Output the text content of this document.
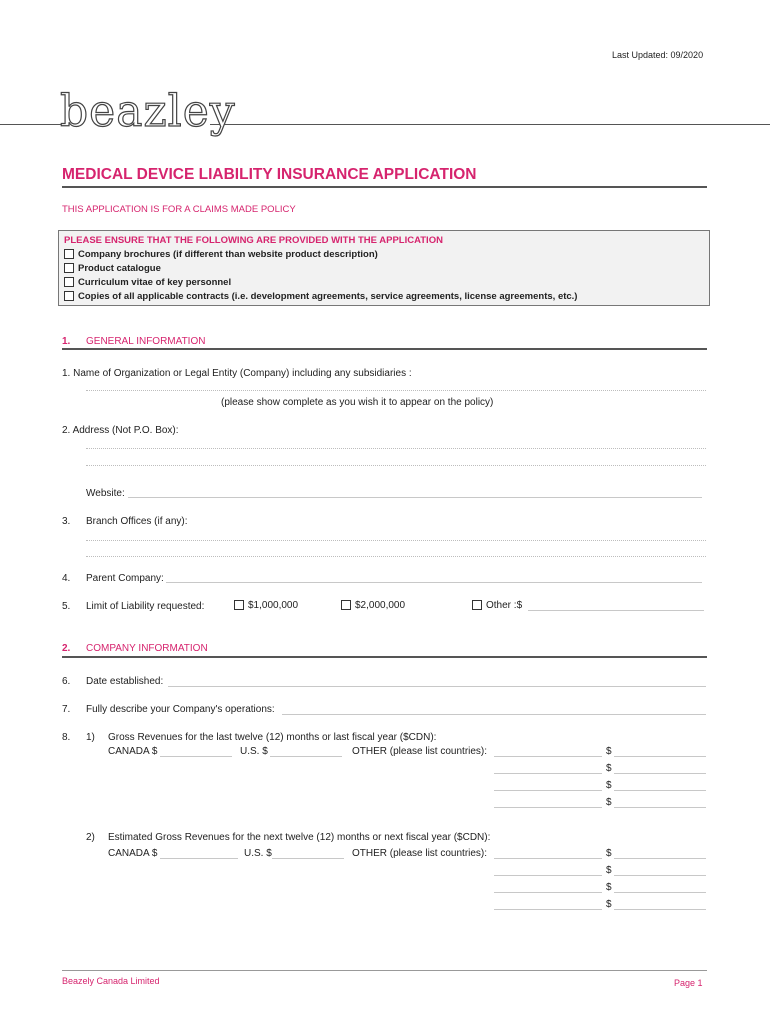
Last Updated: 09/2020
beazley
MEDICAL DEVICE LIABILITY INSURANCE APPLICATION
THIS APPLICATION IS FOR A CLAIMS MADE POLICY
PLEASE ENSURE THAT THE FOLLOWING ARE PROVIDED WITH THE APPLICATION
Company brochures (if different than website product description)
Product catalogue
Curriculum vitae of key personnel
Copies of all applicable contracts (i.e. development agreements, service agreements, license agreements, etc.)
1. GENERAL INFORMATION
1. Name of Organization or Legal Entity (Company) including any subsidiaries :
(please show complete as you wish it to appear on the policy)
2. Address (Not P.O. Box):
Website:
3. Branch Offices (if any):
4. Parent Company:
5. Limit of Liability requested:	$1,000,000	$2,000,000	Other :$
2. COMPANY INFORMATION
6. Date established:
7. Fully describe your Company's operations:
8. 1) Gross Revenues for the last twelve (12) months or last fiscal year ($CDN):
CANADA $	U.S. $	OTHER (please list countries):	$
$
$
$
2) Estimated Gross Revenues for the next twelve (12) months or next fiscal year ($CDN):
CANADA $	U.S. $	OTHER (please list countries):	$
$
$
$
Beazely Canada Limited	Page 1
